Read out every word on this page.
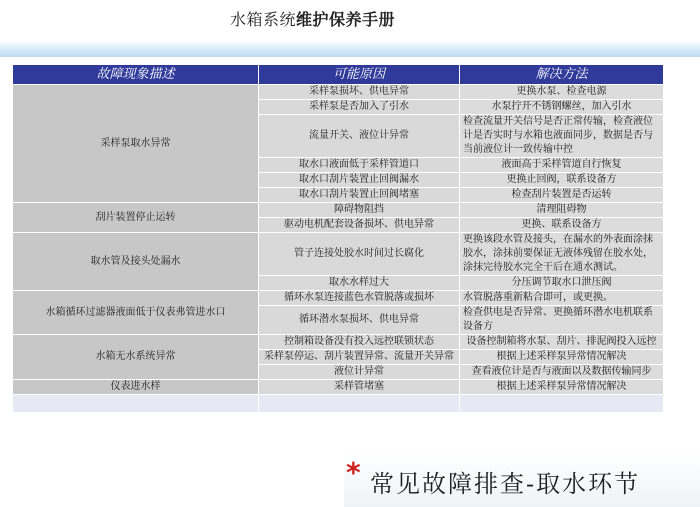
水箱系统维护保养手册
故障现象描述	可能原因	解决方法
采样泵取水异常	采样泵损坏、供电异常	更换水泵、检查电源
	采样泵是否加入了引水	水泵拧开不锈钢螺丝，加入引水
	流量开关、液位计异常	检查流量开关信号是否正常传输，检查液位计是否实时与水箱也液面同步，数据是否与当前液位计一致传输中控
	取水口液面低于采样管道口	液面高于采样管道自行恢复
	取水口刮片装置止回阀漏水	更换止回阀，联系设备方
	取水口刮片装置止回阀堵塞	检查刮片装置是否运转
刮片装置停止运转	障碍物阻挡	清理阻碍物
	驱动电机配套设备损坏、供电异常	更换、联系设备方
取水管及接头处漏水	管子连接处胶水时间过长腐化	更换该段水管及接头，在漏水的外表面涂抹胶水，涂抹前要保证无液体残留在胶水处，涂抹完待胶水完全干后在通水测试。
	取水水样过大	分压调节取水口泄压阀
水箱循环过滤器液面低于仪表弗管进水口	循环水泵连接蓝色水管脱落或损坏	水管脱落重新粘合即可，或更换。
	循环潜水泵损坏、供电异常	检查供电是否异常、更换循环潜水电机联系设备方
水箱无水系统异常	控制箱设备没有投入远控联锁状态	设备控制箱将水泵、刮片、排泥阀投入远控
	采样泵停运、刮片装置异常、流量开关异常	根据上述采样泵异常情况解决
	液位计异常	查看液位计是否与液面以及数据传输同步
仪表进水样	采样管堵塞	根据上述采样泵异常情况解决

* 常见故障排查-取水环节
